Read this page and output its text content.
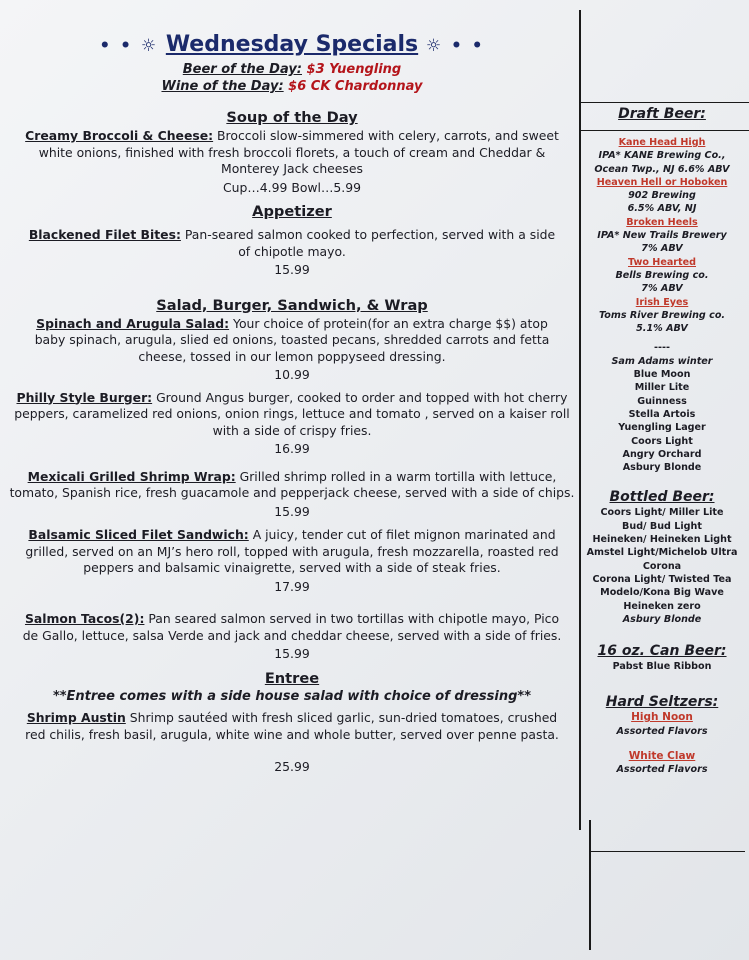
• • ☼ Wednesday Specials ☼ • •

Beer of the Day: $3 Yuengling

Wine of the Day: $6 CK Chardonnay

Soup of the Day

Creamy Broccoli & Cheese: Broccoli slow-simmered with celery, carrots, and sweet white onions, finished with fresh broccoli florets, a touch of cream and Cheddar & Monterey Jack cheeses

Cup…4.99 Bowl…5.99

Appetizer

Blackened Filet Bites: Pan-seared salmon cooked to perfection, served with a side of chipotle mayo.

15.99

Salad, Burger, Sandwich, & Wrap

Spinach and Arugula Salad: Your choice of protein(for an extra charge $$) atop baby spinach, arugula, slied ed onions, toasted pecans, shredded carrots and fetta cheese, tossed in our lemon poppyseed dressing.

10.99

Philly Style Burger: Ground Angus burger, cooked to order and topped with hot cherry peppers, caramelized red onions, onion rings, lettuce and tomato , served on a kaiser roll with a side of crispy fries.

16.99

Mexicali Grilled Shrimp Wrap: Grilled shrimp rolled in a warm tortilla with lettuce, tomato, Spanish rice, fresh guacamole and pepperjack cheese, served with a side of chips.

15.99

Balsamic Sliced Filet Sandwich: A juicy, tender cut of filet mignon marinated and grilled, served on an MJ’s hero roll, topped with arugula, fresh mozzarella, roasted red peppers and balsamic vinaigrette, served with a side of steak fries.

17.99

Salmon Tacos(2): Pan seared salmon served in two tortillas with chipotle mayo, Pico de Gallo, lettuce, salsa Verde and jack and cheddar cheese, served with a side of fries.

15.99

Entree

**Entree comes with a side house salad with choice of dressing**

Shrimp Austin Shrimp sautéed with fresh sliced garlic, sun-dried tomatoes, crushed red chilis, fresh basil, arugula, white wine and whole butter, served over penne pasta.

25.99

Draft Beer:

Kane Head High

IPA* KANE Brewing Co.,

Ocean Twp., NJ 6.6% ABV

Heaven Hell or Hoboken

902 Brewing

6.5% ABV, NJ

Broken Heels

IPA* New Trails Brewery

7% ABV

Two Hearted

Bells Brewing co.

7% ABV

Irish Eyes

Toms River Brewing co.

5.1% ABV

----

Sam Adams winter

Blue Moon

Miller Lite

Guinness

Stella Artois

Yuengling Lager

Coors Light

Angry Orchard

Asbury Blonde

Bottled Beer:

Coors Light/ Miller Lite

Bud/ Bud Light

Heineken/ Heineken Light

Amstel Light/Michelob Ultra

Corona

Corona Light/ Twisted Tea

Modelo/Kona Big Wave

Heineken zero

Asbury Blonde

16 oz. Can Beer:

Pabst Blue Ribbon

Hard Seltzers:

High Noon

Assorted Flavors

White Claw

Assorted Flavors
